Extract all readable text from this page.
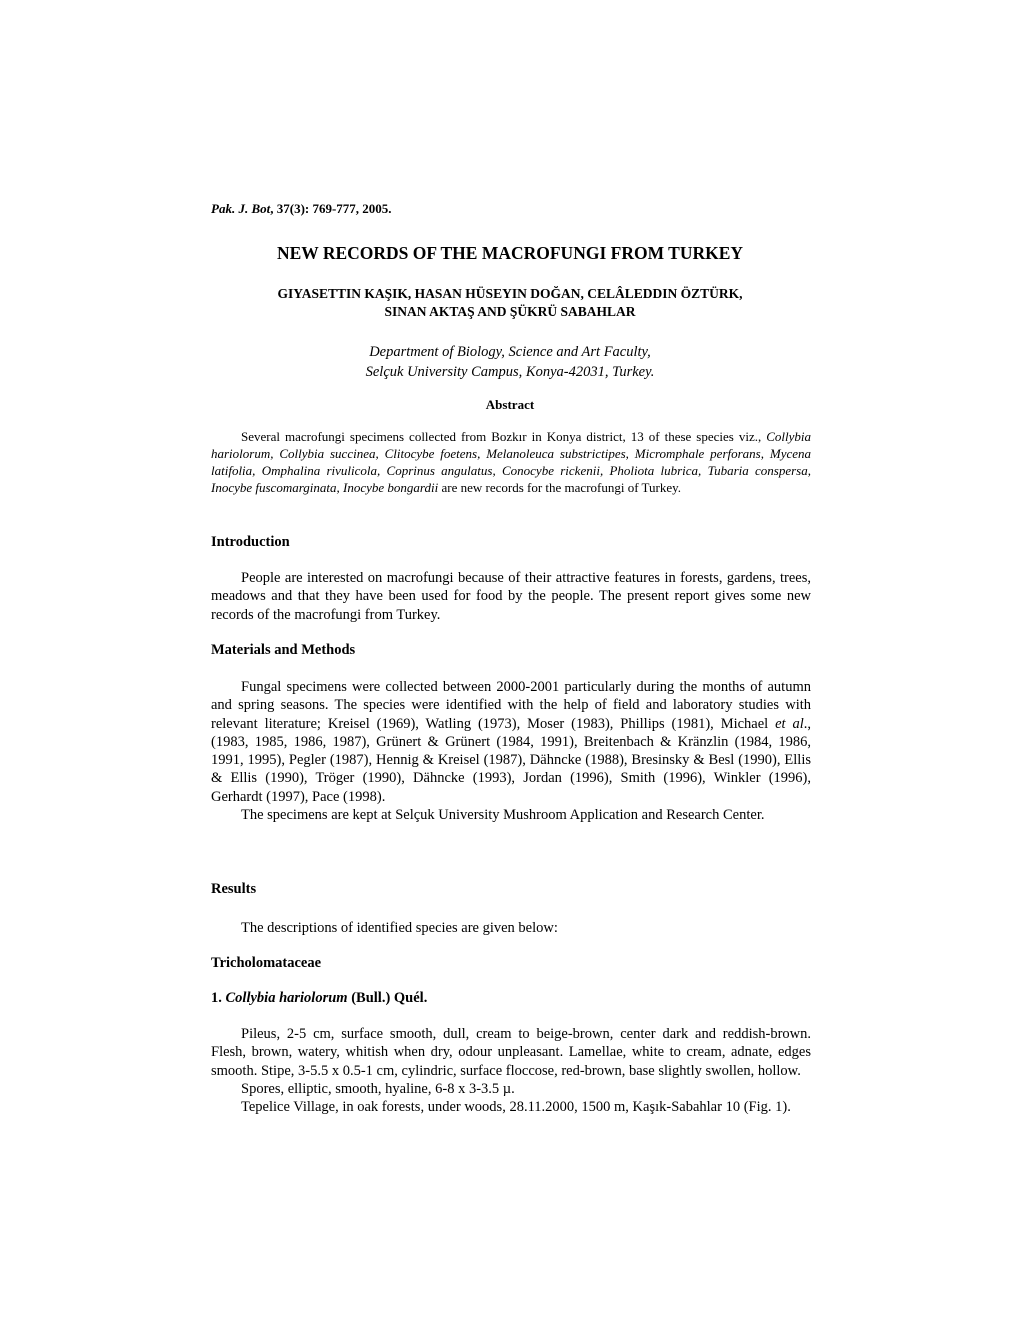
Pak. J. Bot, 37(3): 769-777, 2005.
NEW RECORDS OF THE MACROFUNGI FROM TURKEY
GIYASETTIN KAŞIK, HASAN HÜSEYIN DOĞAN, CELÂLEDDIN ÖZTÜRK,
SINAN AKTAŞ AND ŞÜKRÜ SABAHLAR
Department of Biology, Science and Art Faculty,
Selçuk University Campus, Konya-42031, Turkey.
Abstract
Several macrofungi specimens collected from Bozkır in Konya district, 13 of these species viz., Collybia hariolorum, Collybia succinea, Clitocybe foetens, Melanoleuca substrictipes, Micromphale perforans, Mycena latifolia, Omphalina rivulicola, Coprinus angulatus, Conocybe rickenii, Pholiota lubrica, Tubaria conspersa, Inocybe fuscomarginata, Inocybe bongardii are new records for the macrofungi of Turkey.
Introduction
People are interested on macrofungi because of their attractive features in forests, gardens, trees, meadows and that they have been used for food by the people. The present report gives some new records of the macrofungi from Turkey.
Materials and Methods

Fungal specimens were collected between 2000-2001 particularly during the months of autumn and spring seasons. The species were identified with the help of field and laboratory studies with relevant literature; Kreisel (1969), Watling (1973), Moser (1983), Phillips (1981), Michael et al., (1983, 1985, 1986, 1987), Grünert & Grünert (1984, 1991), Breitenbach & Kränzlin (1984, 1986, 1991, 1995), Pegler (1987), Hennig & Kreisel (1987), Dähncke (1988), Bresinsky & Besl (1990), Ellis & Ellis (1990), Tröger (1990), Dähncke (1993), Jordan (1996), Smith (1996), Winkler (1996), Gerhardt (1997), Pace (1998).

The specimens are kept at Selçuk University Mushroom Application and Research Center.

Results
The descriptions of identified species are given below:
Tricholomataceae
1. Collybia hariolorum (Bull.) Quél.

Pileus, 2-5 cm, surface smooth, dull, cream to beige-brown, center dark and reddish-brown. Flesh, brown, watery, whitish when dry, odour unpleasant. Lamellae, white to cream, adnate, edges smooth. Stipe, 3-5.5 x 0.5-1 cm, cylindric, surface floccose, red-brown, base slightly swollen, hollow.

Spores, elliptic, smooth, hyaline, 6-8 x 3-3.5 µ.

Tepelice Village, in oak forests, under woods, 28.11.2000, 1500 m, Kaşık-Sabahlar 10 (Fig. 1).
